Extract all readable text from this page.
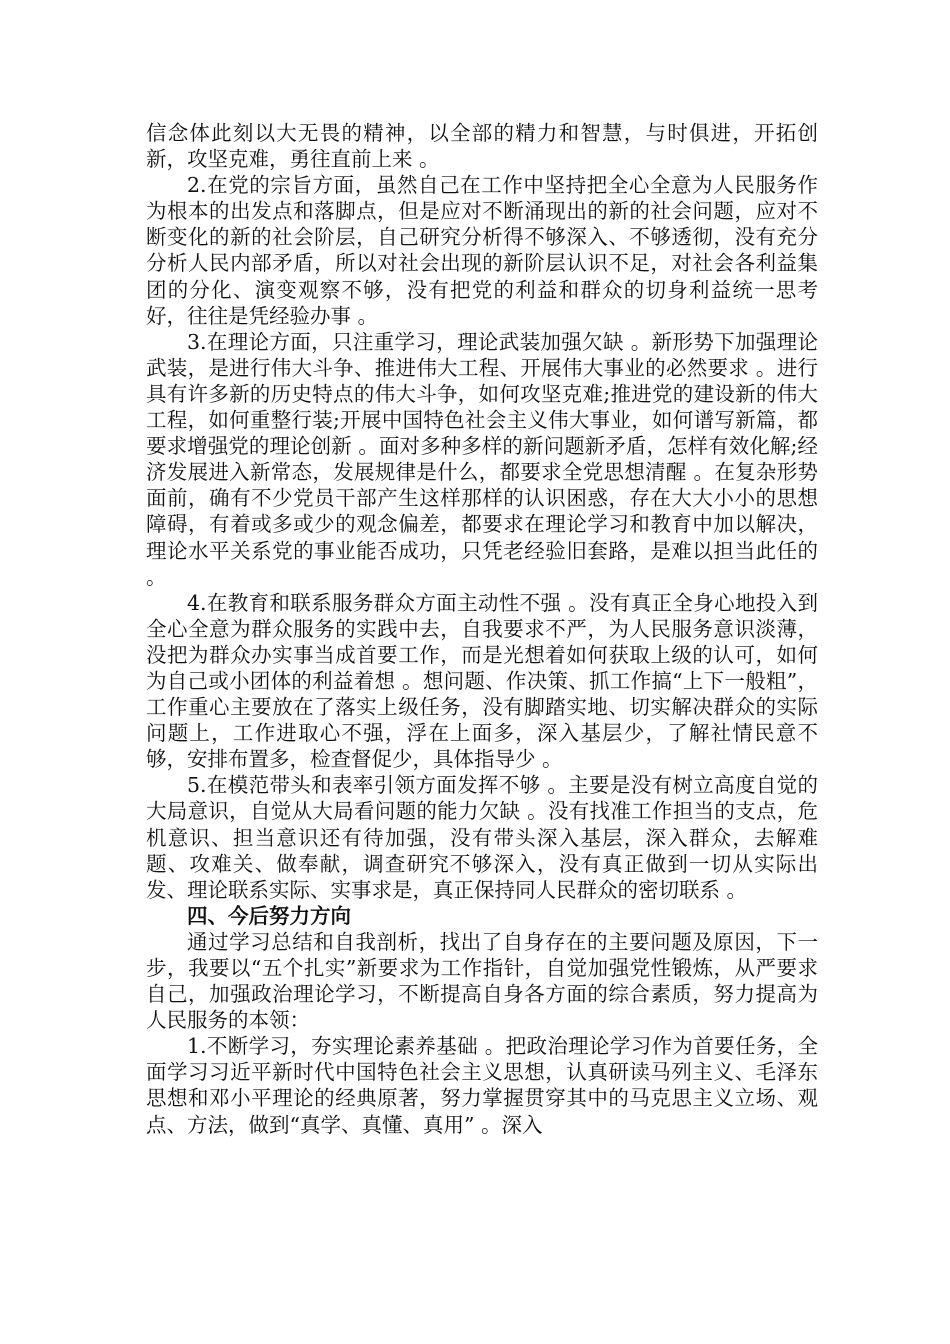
信念体此刻以大无畏的精神，以全部的精力和智慧，与时俱进，开拓创新，攻坚克难，勇往直前上来 。

2.在党的宗旨方面，虽然自己在工作中坚持把全心全意为人民服务作为根本的出发点和落脚点，但是应对不断涌现出的新的社会问题，应对不断变化的新的社会阶层，自己研究分析得不够深入、不够透彻，没有充分分析人民内部矛盾，所以对社会出现的新阶层认识不足，对社会各利益集团的分化、演变观察不够，没有把党的利益和群众的切身利益统一思考好，往往是凭经验办事 。

3.在理论方面，只注重学习，理论武装加强欠缺 。新形势下加强理论武装，是进行伟大斗争、推进伟大工程、开展伟大事业的必然要求 。进行具有许多新的历史特点的伟大斗争，如何攻坚克难;推进党的建设新的伟大工程，如何重整行装;开展中国特色社会主义伟大事业，如何谱写新篇，都要求增强党的理论创新 。面对多种多样的新问题新矛盾，怎样有效化解;经济发展进入新常态，发展规律是什么，都要求全党思想清醒 。在复杂形势面前，确有不少党员干部产生这样那样的认识困惑，存在大大小小的思想障碍，有着或多或少的观念偏差，都要求在理论学习和教育中加以解决，理论水平关系党的事业能否成功，只凭老经验旧套路，是难以担当此任的 。

4.在教育和联系服务群众方面主动性不强 。没有真正全身心地投入到全心全意为群众服务的实践中去，自我要求不严，为人民服务意识淡薄，没把为群众办实事当成首要工作，而是光想着如何获取上级的认可，如何为自己或小团体的利益着想 。想问题、作决策、抓工作搞“上下一般粗”，工作重心主要放在了落实上级任务，没有脚踏实地、切实解决群众的实际问题上，工作进取心不强，浮在上面多，深入基层少，了解社情民意不够，安排布置多，检查督促少，具体指导少 。

5.在模范带头和表率引领方面发挥不够 。主要是没有树立高度自觉的大局意识，自觉从大局看问题的能力欠缺 。没有找准工作担当的支点，危机意识、担当意识还有待加强，没有带头深入基层，深入群众，去解难题、攻难关、做奉献，调查研究不够深入，没有真正做到一切从实际出发、理论联系实际、实事求是，真正保持同人民群众的密切联系 。

四、今后努力方向

通过学习总结和自我剖析，找出了自身存在的主要问题及原因，下一步，我要以“五个扎实”新要求为工作指针，自觉加强党性锻炼，从严要求自己，加强政治理论学习，不断提高自身各方面的综合素质，努力提高为人民服务的本领：

1.不断学习，夯实理论素养基础 。把政治理论学习作为首要任务，全面学习习近平新时代中国特色社会主义思想，认真研读马列主义、毛泽东思想和邓小平理论的经典原著，努力掌握贯穿其中的马克思主义立场、观点、方法，做到“真学、真懂、真用” 。深入
